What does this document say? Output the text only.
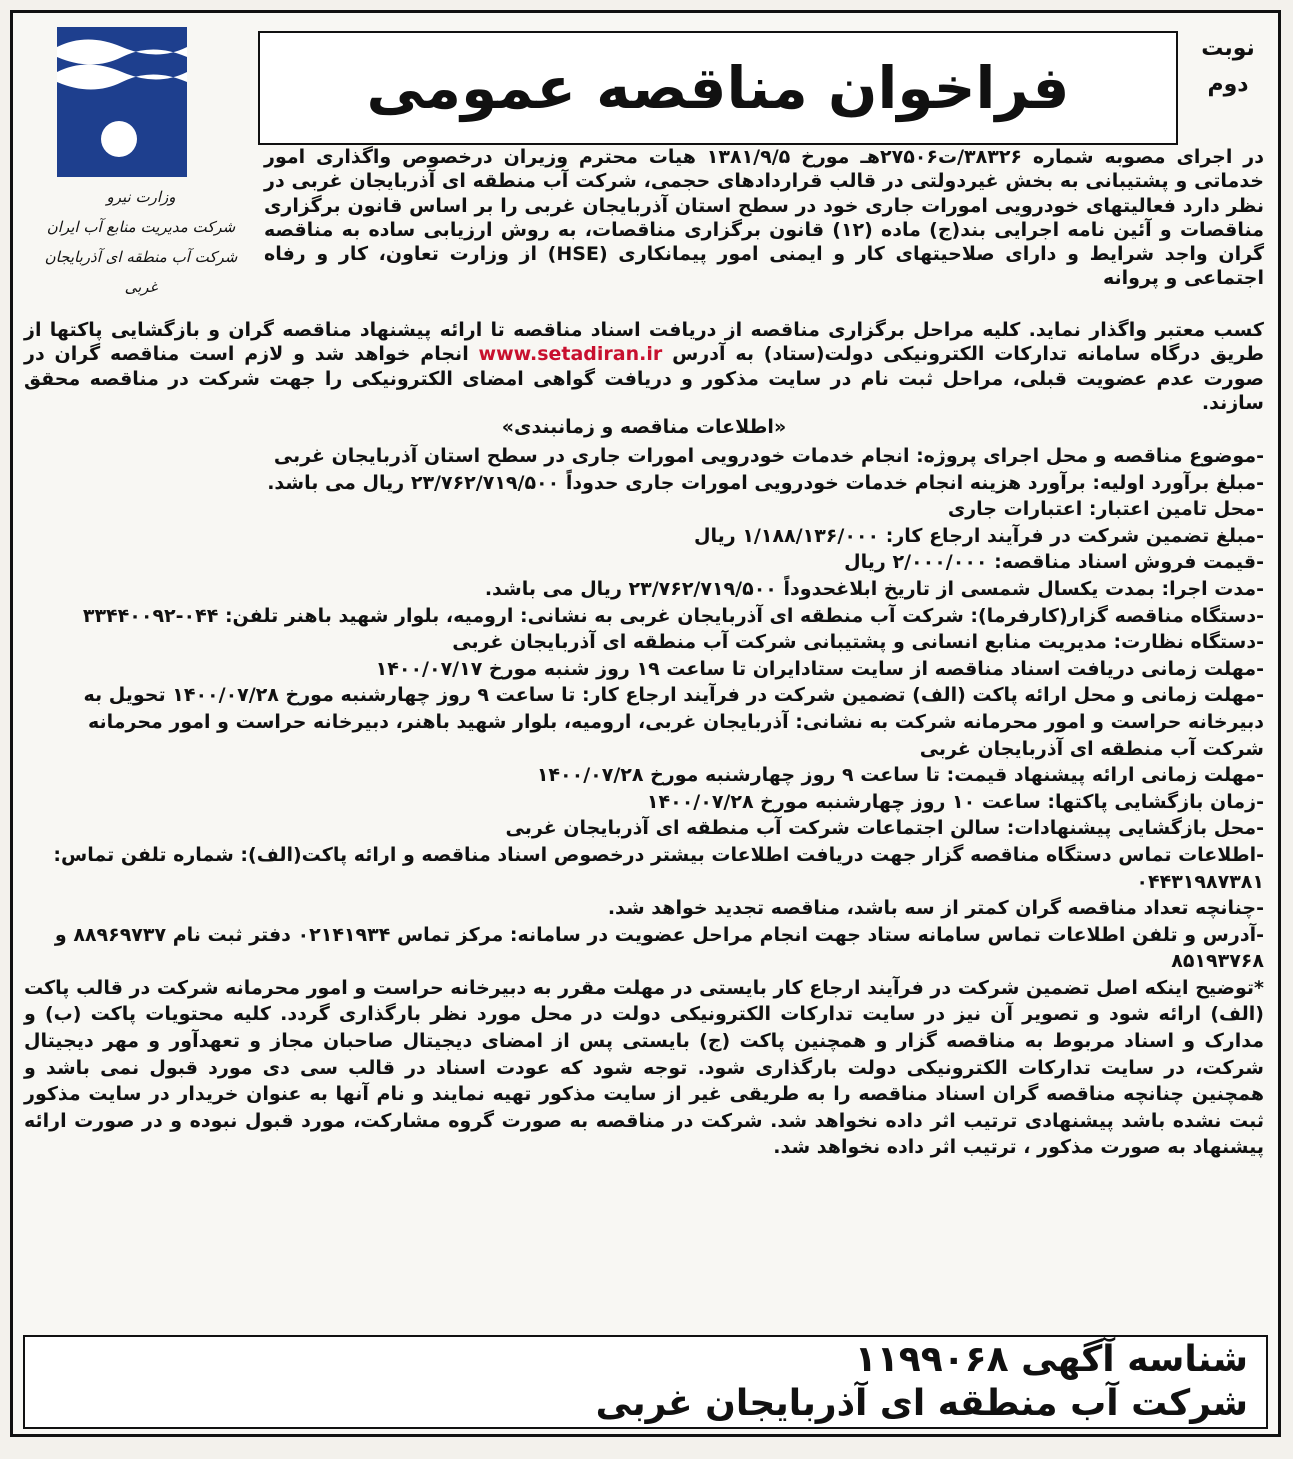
نوبت
دوم
فراخوان مناقصه عمومی
وزارت نیرو
شرکت مدیریت منابع آب ایران
شرکت آب منطقه ای آذربایجان غربی

در اجرای مصوبه شماره ۳۸۳۲۶/ت۲۷۵۰۶هـ مورخ ۱۳۸۱/۹/۵ هیات محترم وزیران درخصوص واگذاری امور خدماتی و پشتیبانی به بخش غیردولتی در قالب قراردادهای حجمی، شرکت آب منطقه ای آذربایجان غربی در نظر دارد فعالیتهای خودرویی امورات جاری خود در سطح استان آذربایجان غربی را بر اساس قانون برگزاری مناقصات و آئین نامه اجرایی بند(ج) ماده (۱۲) قانون برگزاری مناقصات، به روش ارزیابی ساده به مناقصه گران واجد شرایط و دارای صلاحیتهای کار و ایمنی امور پیمانکاری (HSE) از وزارت تعاون، کار و رفاه اجتماعی و پروانه

کسب معتبر واگذار نماید. کلیه مراحل برگزاری مناقصه از دریافت اسناد مناقصه تا ارائه پیشنهاد مناقصه گران و بازگشایی پاکتها از طریق درگاه سامانه تدارکات الکترونیکی دولت(ستاد) به آدرس www.setadiran.ir انجام خواهد شد و لازم است مناقصه گران در صورت عدم عضویت قبلی، مراحل ثبت نام در سایت مذکور و دریافت گواهی امضای الکترونیکی را جهت شرکت در مناقصه محقق سازند.

«اطلاعات مناقصه و زمانبندی»

-موضوع مناقصه و محل اجرای پروژه: انجام خدمات خودرویی امورات جاری در سطح استان آذربایجان غربی

-مبلغ برآورد اولیه: برآورد هزینه انجام خدمات خودرویی امورات جاری حدوداً ۲۳/۷۶۲/۷۱۹/۵۰۰ ریال می باشد.

-محل تامین اعتبار: اعتبارات جاری

-مبلغ تضمین شرکت در فرآیند ارجاع کار: ۱/۱۸۸/۱۳۶/۰۰۰ ریال

-قیمت فروش اسناد مناقصه: ۲/۰۰۰/۰۰۰ ریال

-مدت اجرا: بمدت یکسال شمسی از تاریخ ابلاغحدوداً ۲۳/۷۶۲/۷۱۹/۵۰۰ ریال می باشد.

-دستگاه مناقصه گزار(کارفرما): شرکت آب منطقه ای آذربایجان غربی به نشانی: ارومیه، بلوار شهید باهنر تلفن: ۰۴۴-۳۳۴۴۰۰۹۲

-دستگاه نظارت: مدیریت منابع انسانی و پشتیبانی شرکت آب منطقه ای آذربایجان غربی

-مهلت زمانی دریافت اسناد مناقصه از سایت ستادایران تا ساعت ۱۹ روز شنبه مورخ ۱۴۰۰/۰۷/۱۷

-مهلت زمانی و محل ارائه پاکت (الف) تضمین شرکت در فرآیند ارجاع کار: تا ساعت ۹ روز چهارشنبه مورخ ۱۴۰۰/۰۷/۲۸ تحویل به دبیرخانه حراست و امور محرمانه شرکت به نشانی: آذربایجان غربی، ارومیه، بلوار شهید باهنر، دبیرخانه حراست و امور محرمانه شرکت آب منطقه ای آذربایجان غربی

-مهلت زمانی ارائه پیشنهاد قیمت: تا ساعت ۹ روز چهارشنبه مورخ ۱۴۰۰/۰۷/۲۸

-زمان بازگشایی پاکتها: ساعت ۱۰ روز چهارشنبه مورخ ۱۴۰۰/۰۷/۲۸

-محل بازگشایی پیشنهادات: سالن اجتماعات شرکت آب منطقه ای آذربایجان غربی

-اطلاعات تماس دستگاه مناقصه گزار جهت دریافت اطلاعات بیشتر درخصوص اسناد مناقصه و ارائه پاکت(الف): شماره تلفن تماس: ۰۴۴۳۱۹۸۷۳۸۱

-چنانچه تعداد مناقصه گران کمتر از سه باشد، مناقصه تجدید خواهد شد.

-آدرس و تلفن اطلاعات تماس سامانه ستاد جهت انجام مراحل عضویت در سامانه: مرکز تماس ۰۲۱۴۱۹۳۴ دفتر ثبت نام ۸۸۹۶۹۷۳۷ و ۸۵۱۹۳۷۶۸

*توضیح اینکه اصل تضمین شرکت در فرآیند ارجاع کار بایستی در مهلت مقرر به دبیرخانه حراست و امور محرمانه شرکت در قالب پاکت (الف) ارائه شود و تصویر آن نیز در سایت تدارکات الکترونیکی دولت در محل مورد نظر بارگذاری گردد. کلیه محتویات پاکت (ب) و مدارک و اسناد مربوط به مناقصه گزار و همچنین پاکت (ج) بایستی پس از امضای دیجیتال صاحبان مجاز و تعهدآور و مهر دیجیتال شرکت، در سایت تدارکات الکترونیکی دولت بارگذاری شود. توجه شود که عودت اسناد در قالب سی دی مورد قبول نمی باشد و همچنین چنانچه مناقصه گران اسناد مناقصه را به طریقی غیر از سایت مذکور تهیه نمایند و نام آنها به عنوان خریدار در سایت مذکور ثبت نشده باشد پیشنهادی ترتیب اثر داده نخواهد شد. شرکت در مناقصه به صورت گروه مشارکت، مورد قبول نبوده و در صورت ارائه پیشنهاد به صورت مذکور ، ترتیب اثر داده نخواهد شد.

شناسه آگهی ۱۱۹۹۰۶۸
شرکت آب منطقه ای آذربایجان غربی
